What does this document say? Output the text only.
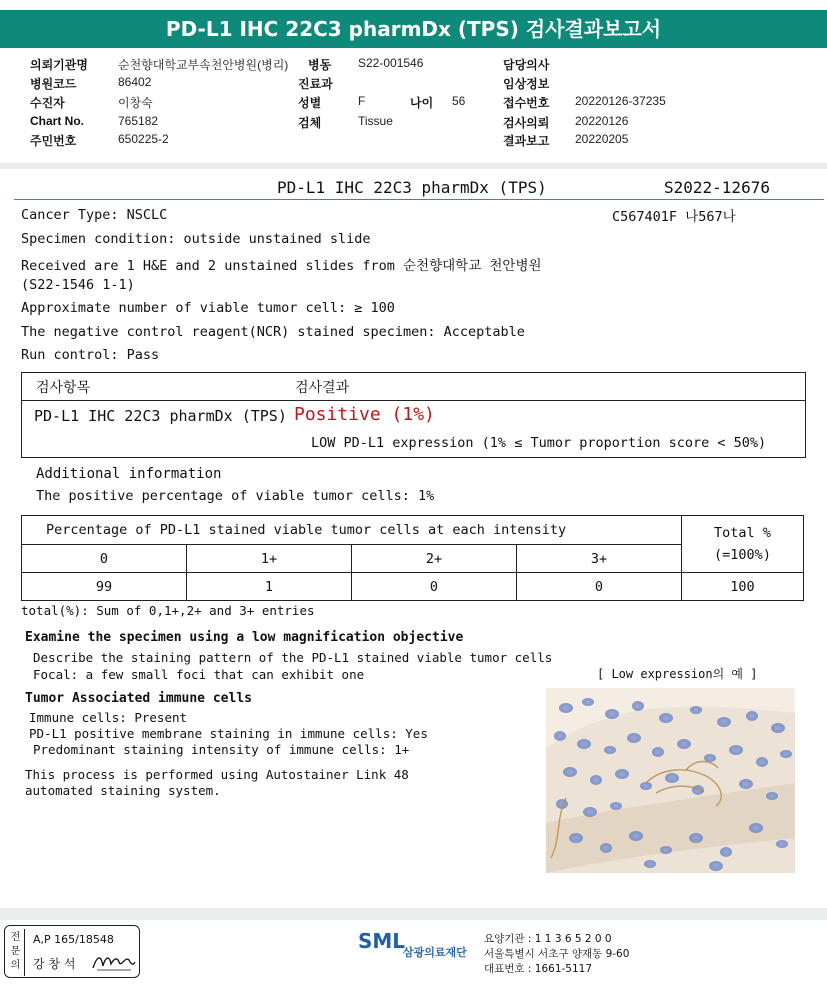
PD-L1 IHC 22C3 pharmDx (TPS) 검사결과보고서
의뢰기관명	순천향대학교부속천안병원(병리) 병동 S22-001546	담당의사
병원코드	86402	진료과	임상정보
수진자	이창숙	성별	F	나이 56	접수번호 20220126-37235
Chart No.	765182	검체	Tissue	검사의뢰 20220126
주민번호	650225-2	결과보고 20220205
PD-L1 IHC 22C3 pharmDx (TPS)	S2022-12676
Cancer Type: NSCLC	C567401F 나567나
Specimen condition: outside unstained slide
Received are 1 H&E and 2 unstained slides from 순천향대학교 천안병원
(S22-1546 1-1)
Approximate number of viable tumor cell: ≥ 100
The negative control reagent(NCR) stained specimen: Acceptable
Run control: Pass
검사항목	검사결과
PD-L1 IHC 22C3 pharmDx (TPS) Positive (1%)
LOW PD-L1 expression (1% ≤ Tumor proportion score < 50%)
Additional information
The positive percentage of viable tumor cells: 1%
Percentage of PD-L1 stained viable tumor cells at each intensity				Total %
(=100%)

0	1+	2+	3+	
99	1	0	0	100
total(%): Sum of 0,1+,2+ and 3+ entries
Examine the specimen using a low magnification objective
Describe the staining pattern of the PD-L1 stained viable tumor cells
Focal: a few small foci that can exhibit one	[ Low expression의 예 ]
Tumor Associated immune cells
Immune cells: Present
PD-L1 positive membrane staining in immune cells: Yes
Predominant staining intensity of immune cells: 1+
This process is performed using Autostainer Link 48
automated staining system.
전문의
A,P 165/18548
강 창 석
SML
삼광의료재단
요양기관 : 1 1 3 6 5 2 0 0
서울특별시 서초구 양재동 9-60
대표번호 : 1661-5117
